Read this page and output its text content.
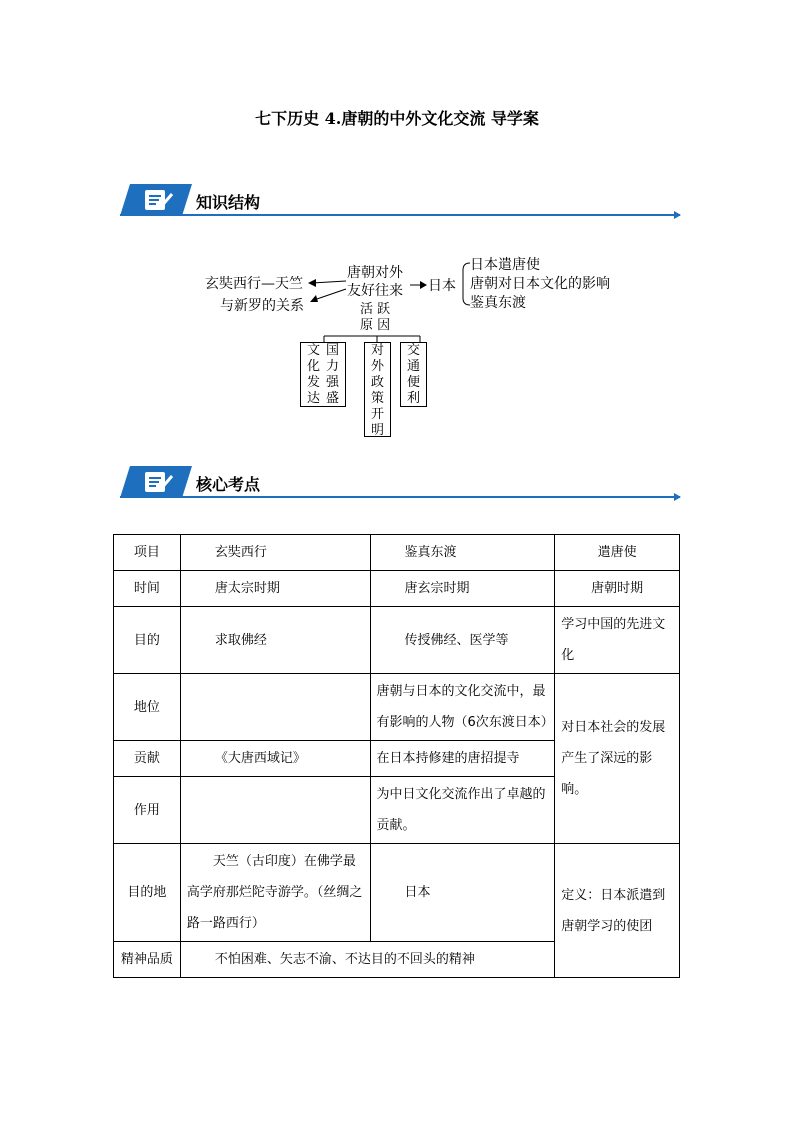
七下历史 4.唐朝的中外文化交流 导学案
知识结构
玄奘西行—天竺
与新罗的关系
唐朝对外
友好往来 日本
日本遣唐使
唐朝对日本文化的影响
鉴真东渡
活 跃
原 因
文
化
发
达
国
力
强
盛
对
外
政
策
开
明
交
通
便
利
核心考点
项目	玄奘西行	鉴真东渡	遣唐使
时间	唐太宗时期	唐玄宗时期	唐朝时期
目的	求取佛经	传授佛经、医学等	学习中国的先进文化
地位		唐朝与日本的文化交流中，最有影响的人物（6次东渡日本）	对日本社会的发展产生了深远的影响。
贡献	《大唐西域记》	在日本持修建的唐招提寺	
作用		为中日文化交流作出了卓越的贡献。	
目的地	天竺（古印度）在佛学最高学府那烂陀寺游学。（丝绸之路一路西行）	日本	定义：日本派遣到唐朝学习的使团
精神品质	不怕困难、矢志不渝、不达目的不回头的精神		
